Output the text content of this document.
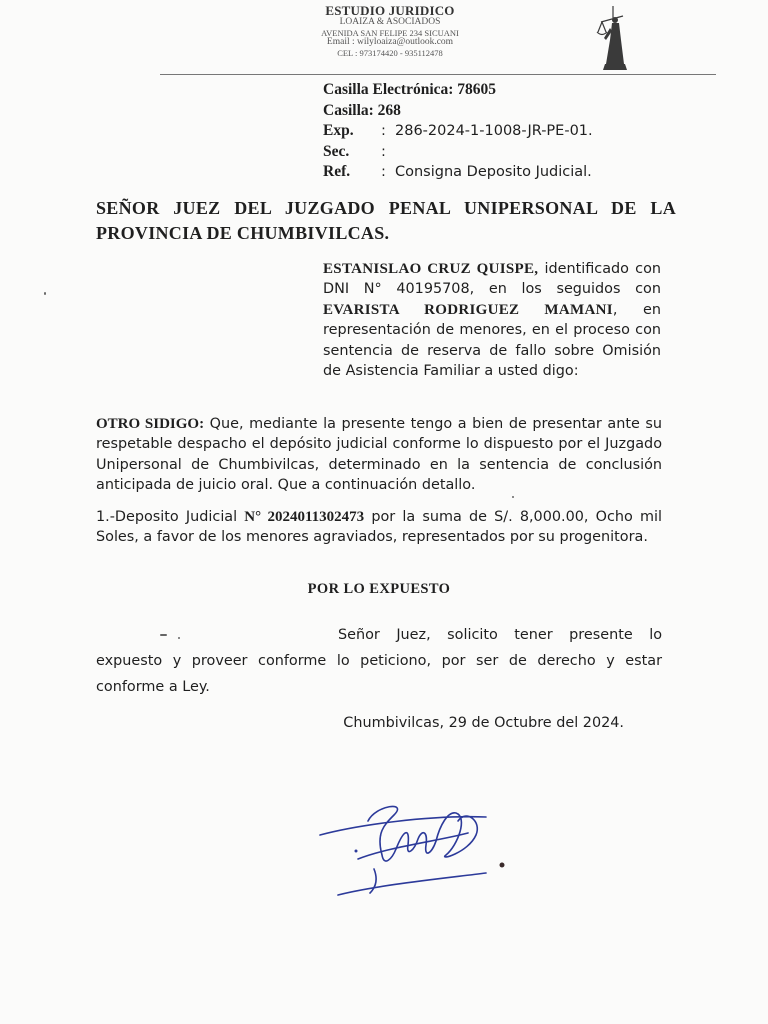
ESTUDIO JURIDICO
LOAIZA & ASOCIADOS
AVENIDA SAN FELIPE 234 SICUANI
Email : wilyloaiza@outlook.com
CEL : 973174420 - 935112478
Casilla Electrónica: 78605
Casilla: 268
Exp.	: 286-2024-1-1008-JR-PE-01.
Sec.	:
Ref.	: Consigna Deposito Judicial.
SEÑOR JUEZ DEL JUZGADO PENAL UNIPERSONAL DE LA PROVINCIA DE CHUMBIVILCAS.
ESTANISLAO CRUZ QUISPE, identificado con DNI N° 40195708, en los seguidos con EVARISTA RODRIGUEZ MAMANI, en representación de menores, en el proceso con sentencia de reserva de fallo sobre Omisión de Asistencia Familiar a usted digo:
OTRO SIDIGO: Que, mediante la presente tengo a bien de presentar ante su respetable despacho el depósito judicial conforme lo dispuesto por el Juzgado Unipersonal de Chumbivilcas, determinado en la sentencia de conclusión anticipada de juicio oral. Que a continuación detallo.
1.-Deposito Judicial N° 2024011302473 por la suma de S/. 8,000.00, Ocho mil Soles, a favor de los menores agraviados, representados por su progenitora.
POR LO EXPUESTO
Señor Juez, solicito tener presente lo expuesto y proveer conforme lo peticiono, por ser de derecho y estar conforme a Ley.
Chumbivilcas, 29 de Octubre del 2024.
